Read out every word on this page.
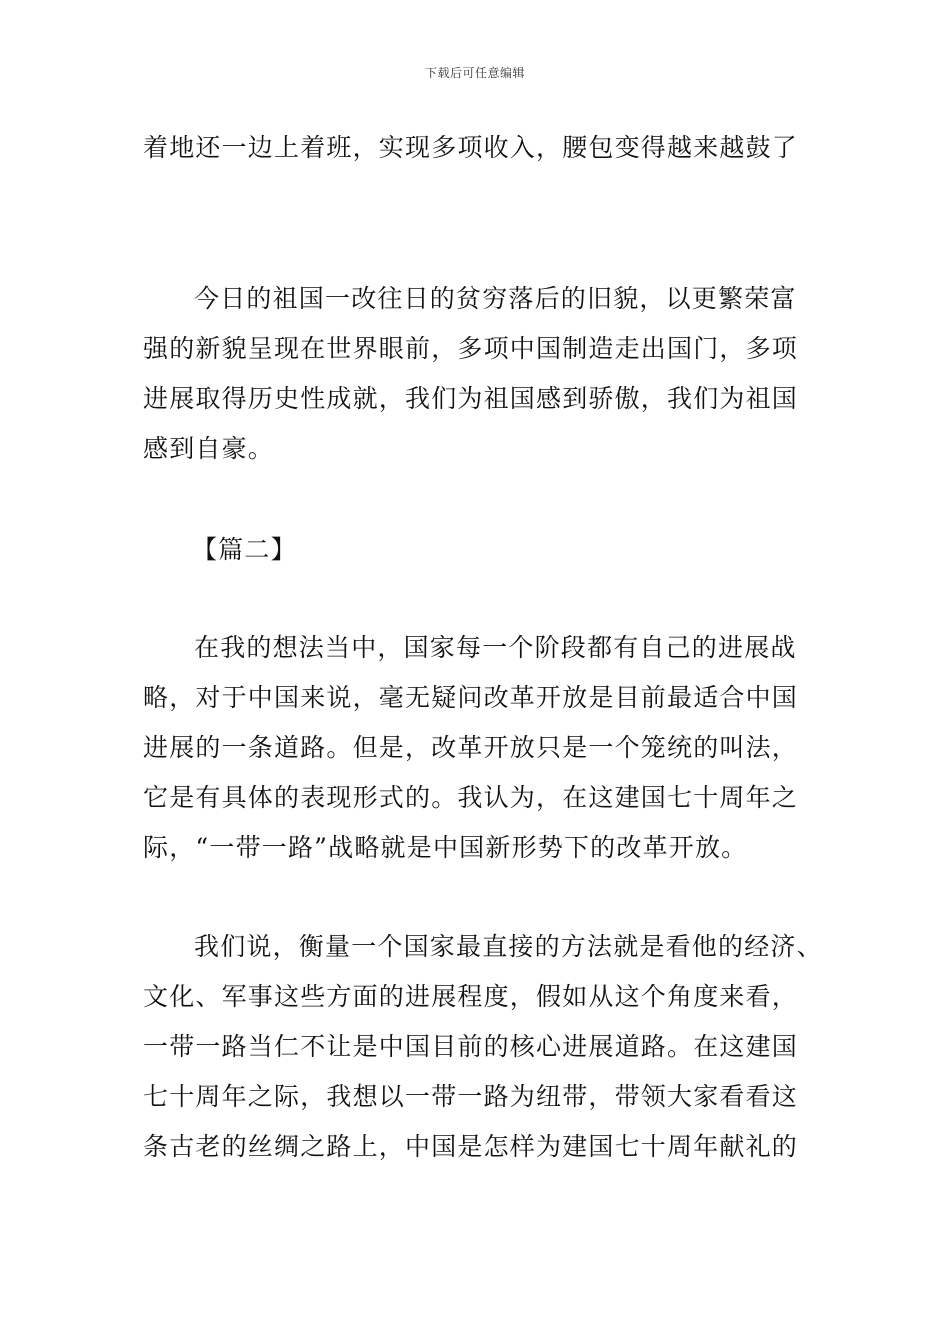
下载后可任意编辑
着地还一边上着班，实现多项收入，腰包变得越来越鼓了
今日的祖国一改往日的贫穷落后的旧貌，以更繁荣富
强的新貌呈现在世界眼前，多项中国制造走出国门，多项
进展取得历史性成就，我们为祖国感到骄傲，我们为祖国
感到自豪。
【篇二】
在我的想法当中，国家每一个阶段都有自己的进展战
略，对于中国来说，毫无疑问改革开放是目前最适合中国
进展的一条道路。但是，改革开放只是一个笼统的叫法，
它是有具体的表现形式的。我认为，在这建国七十周年之
际，“一带一路”战略就是中国新形势下的改革开放。
我们说，衡量一个国家最直接的方法就是看他的经济、
文化、军事这些方面的进展程度，假如从这个角度来看，
一带一路当仁不让是中国目前的核心进展道路。在这建国
七十周年之际，我想以一带一路为纽带，带领大家看看这
条古老的丝绸之路上，中国是怎样为建国七十周年献礼的
